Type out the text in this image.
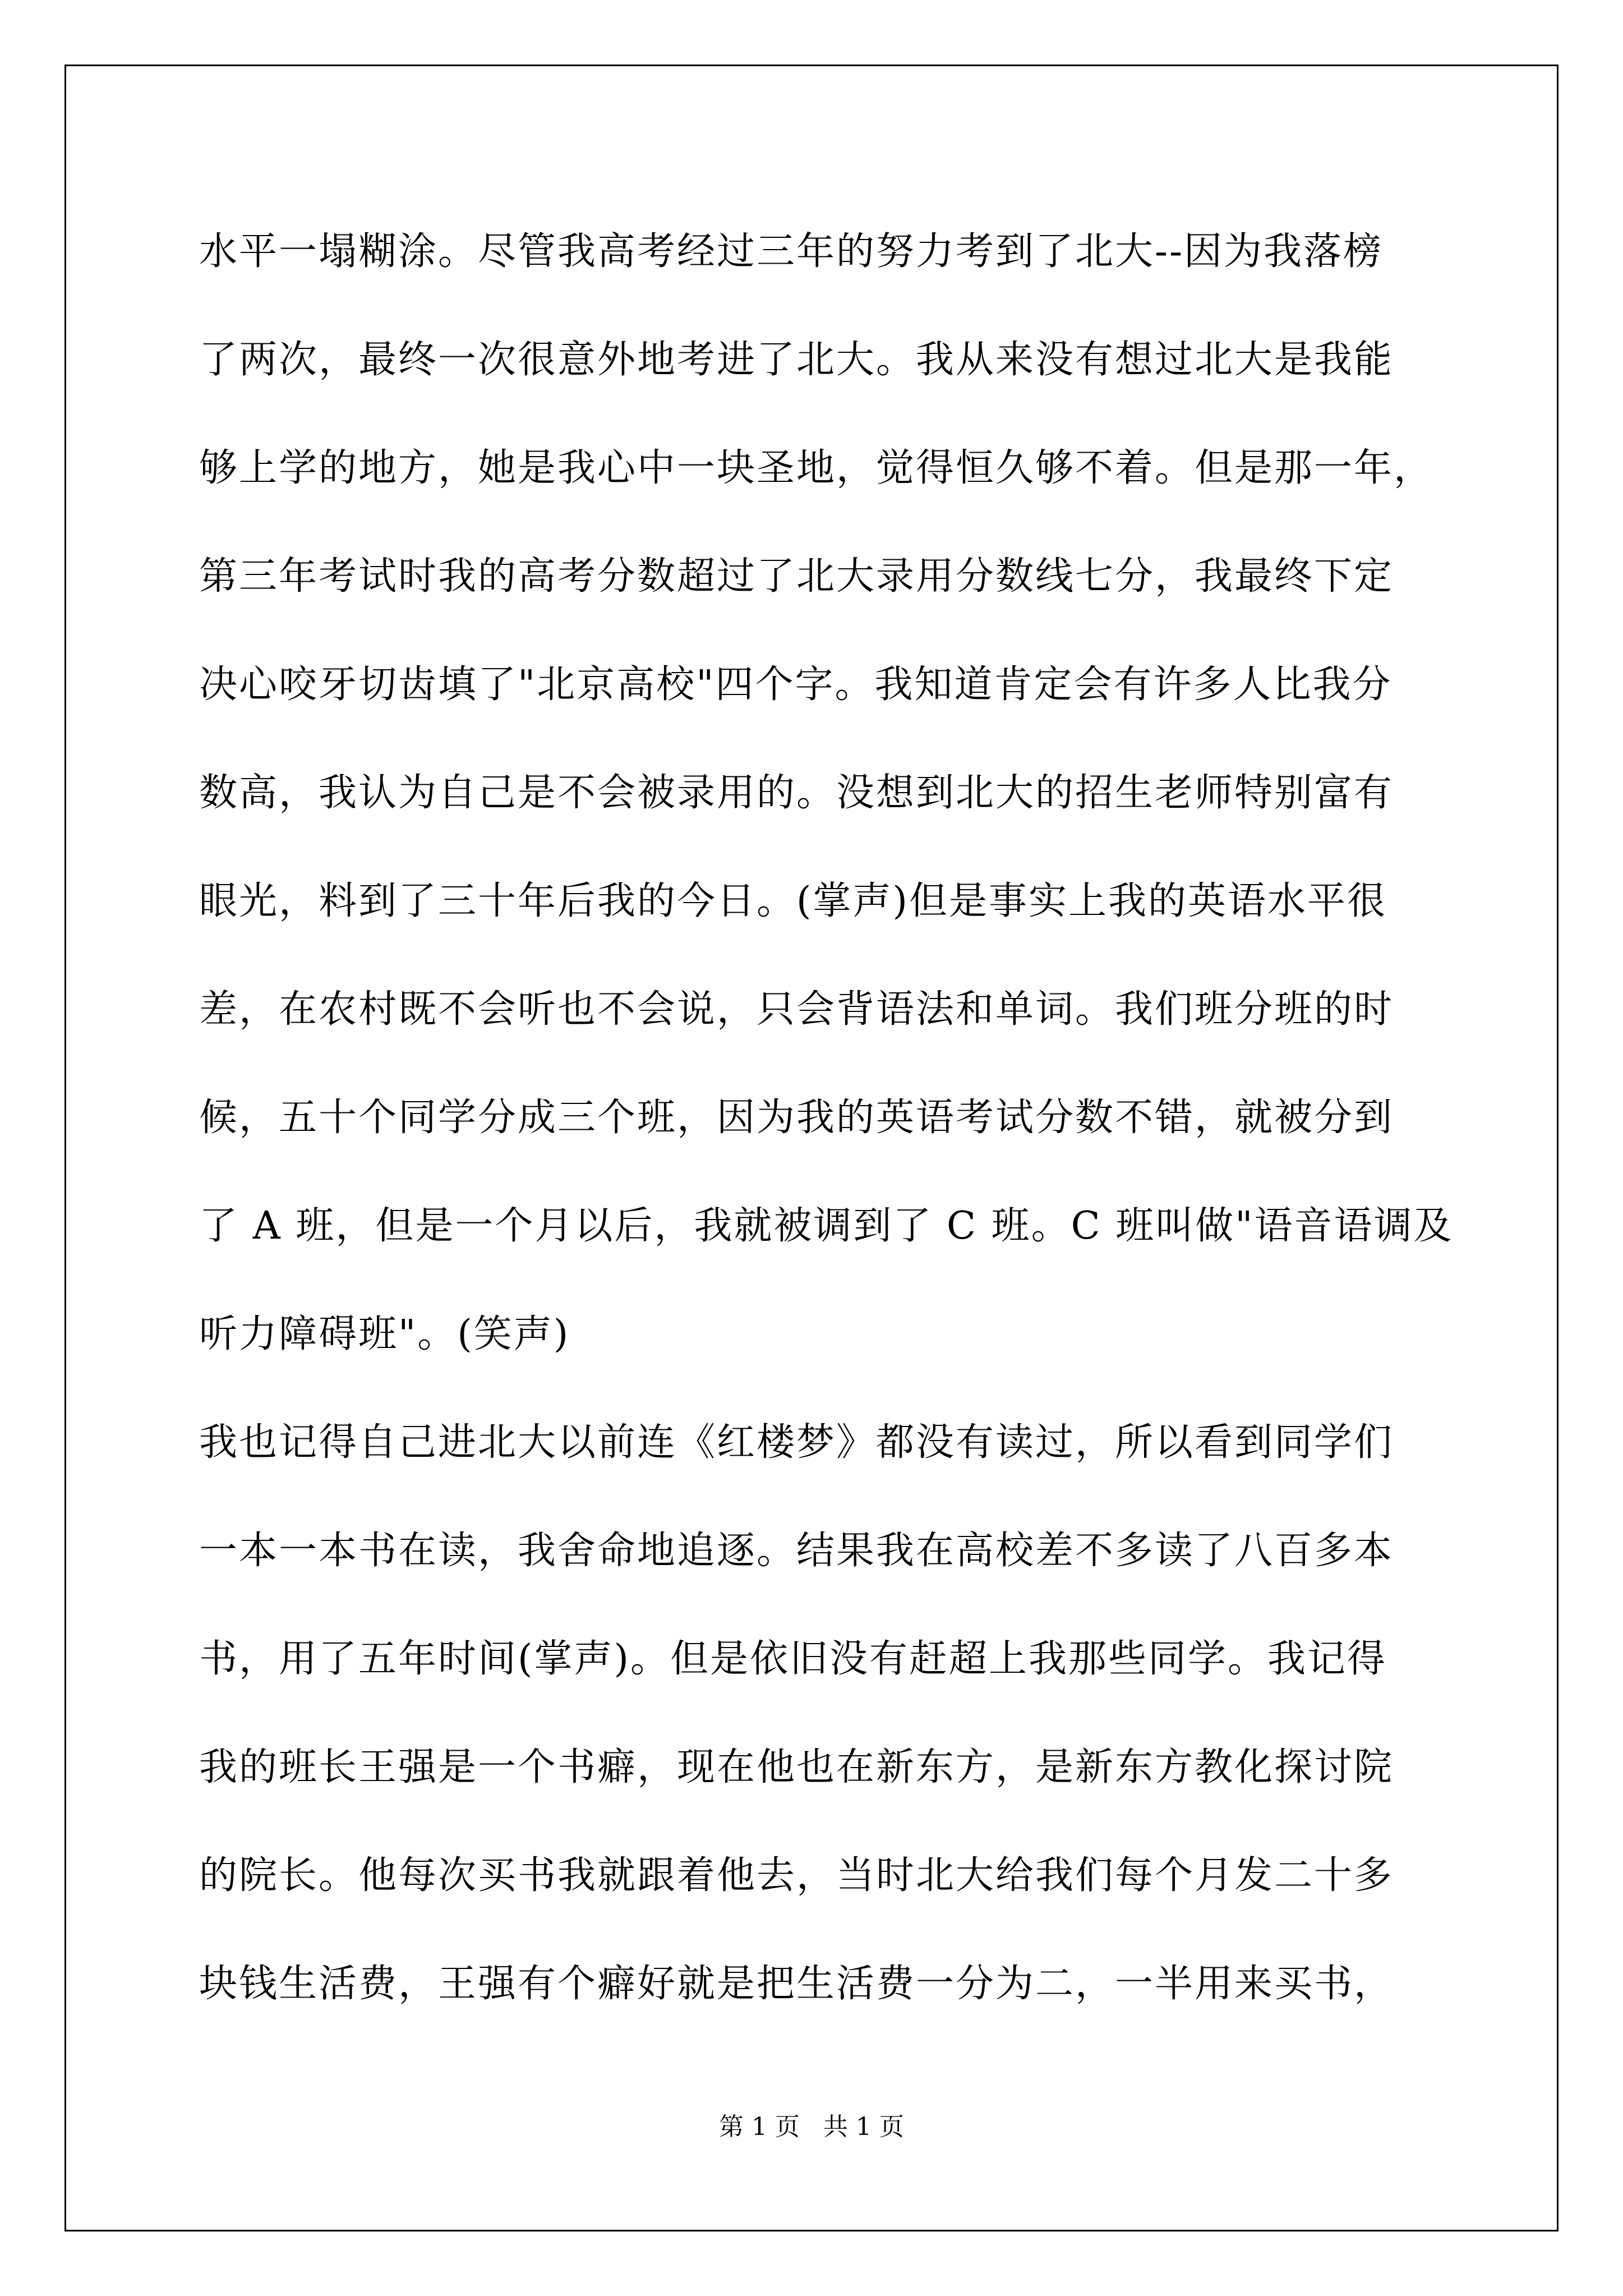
水平一塌糊涂。尽管我高考经过三年的努力考到了北大--因为我落榜
了两次，最终一次很意外地考进了北大。我从来没有想过北大是我能
够上学的地方，她是我心中一块圣地，觉得恒久够不着。但是那一年，
第三年考试时我的高考分数超过了北大录用分数线七分，我最终下定
决心咬牙切齿填了"北京高校"四个字。我知道肯定会有许多人比我分
数高，我认为自己是不会被录用的。没想到北大的招生老师特别富有
眼光，料到了三十年后我的今日。(掌声)但是事实上我的英语水平很
差，在农村既不会听也不会说，只会背语法和单词。我们班分班的时
候，五十个同学分成三个班，因为我的英语考试分数不错，就被分到
了 A 班，但是一个月以后，我就被调到了 C 班。C 班叫做"语音语调及
听力障碍班"。(笑声)
我也记得自己进北大以前连《红楼梦》都没有读过，所以看到同学们
一本一本书在读，我舍命地追逐。结果我在高校差不多读了八百多本
书，用了五年时间(掌声)。但是依旧没有赶超上我那些同学。我记得
我的班长王强是一个书癖，现在他也在新东方，是新东方教化探讨院
的院长。他每次买书我就跟着他去，当时北大给我们每个月发二十多
块钱生活费，王强有个癖好就是把生活费一分为二，一半用来买书，
第 1 页   共 1 页
